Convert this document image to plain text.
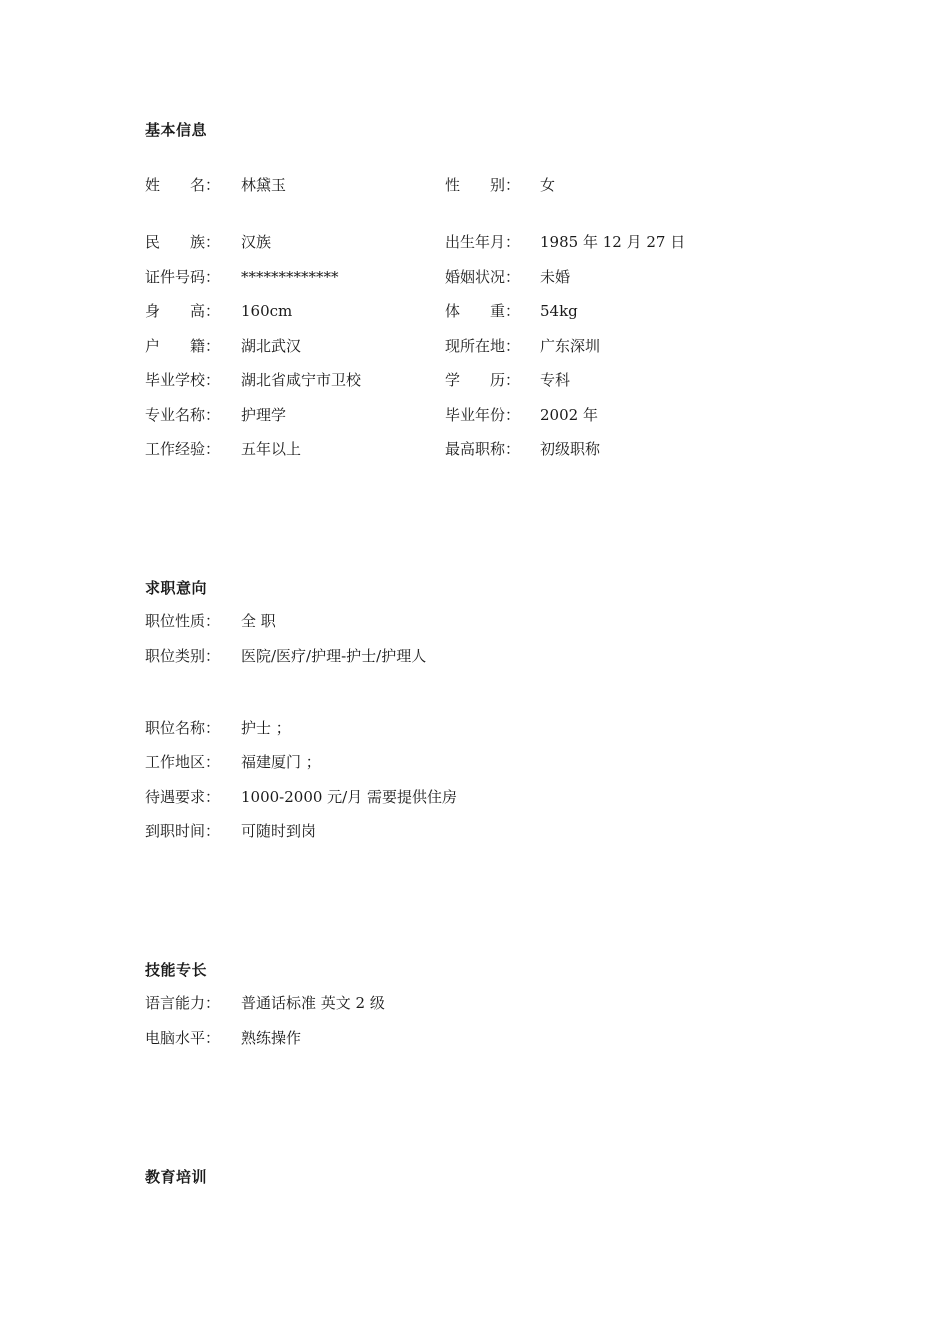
基本信息
姓　　名：	林黛玉	性　　别：	女
民　　族：	汉族	出生年月：	1985 年 12 月 27 日
证件号码：	*************	婚姻状况：	未婚
身　　高：	160cm	体　　重：	54kg
户　　籍：	湖北武汉	现所在地：	广东深圳
毕业学校：	湖北省咸宁市卫校	学　　历：	专科
专业名称：	护理学	毕业年份：	2002 年
工作经验：	五年以上	最高职称：	初级职称
求职意向
职位性质：	全 职
职位类别：	医院/医疗/护理-护士/护理人
职位名称：	护士 ；
工作地区：	福建厦门 ；
待遇要求：	1000-2000 元/月 需要提供住房
到职时间：	可随时到岗
技能专长
语言能力：	普通话标准 英文 2 级
电脑水平：	熟练操作
教育培训
